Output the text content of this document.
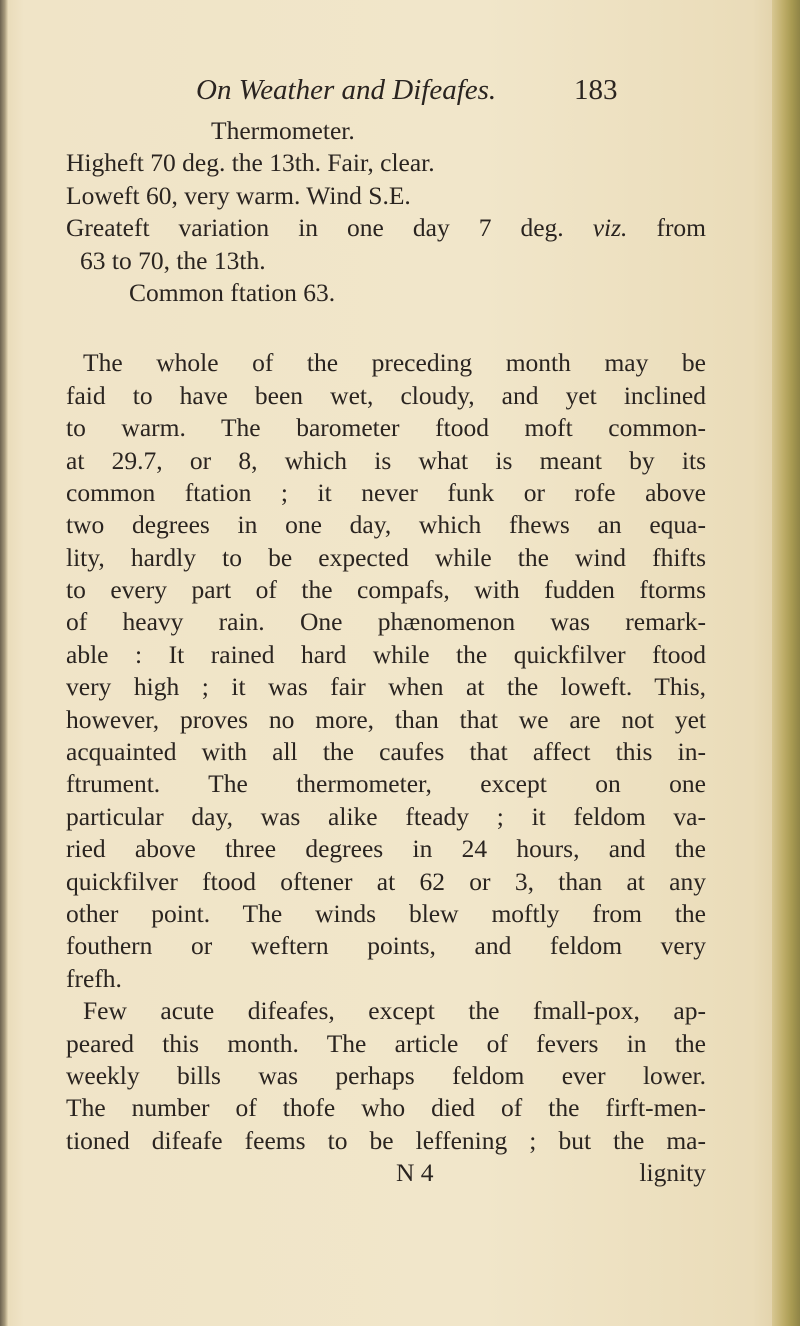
On Weather and Difeafes.	183
Thermometer.
Higheft 70 deg. the 13th. Fair, clear.
Loweft 60, very warm. Wind S.E.
Greateft variation in one day 7 deg. viz. from
63 to 70, the 13th.
Common ftation 63.
The whole of the preceding month may be
faid to have been wet, cloudy, and yet inclined
to warm. The barometer ftood moft common-
at 29.7, or 8, which is what is meant by its
common ftation ; it never funk or rofe above
two degrees in one day, which fhews an equa-
lity, hardly to be expected while the wind fhifts
to every part of the compafs, with fudden ftorms
of heavy rain. One phænomenon was remark-
able : It rained hard while the quickfilver ftood
very high ; it was fair when at the loweft. This,
however, proves no more, than that we are not yet
acquainted with all the caufes that affect this in-
ftrument. The thermometer, except on one
particular day, was alike fteady ; it feldom va-
ried above three degrees in 24 hours, and the
quickfilver ftood oftener at 62 or 3, than at any
other point. The winds blew moftly from the
fouthern or weftern points, and feldom very
frefh.
Few acute difeafes, except the fmall-pox, ap-
peared this month. The article of fevers in the
weekly bills was perhaps feldom ever lower.
The number of thofe who died of the firft-men-
tioned difeafe feems to be leffening ; but the ma-
N 4	lignity
